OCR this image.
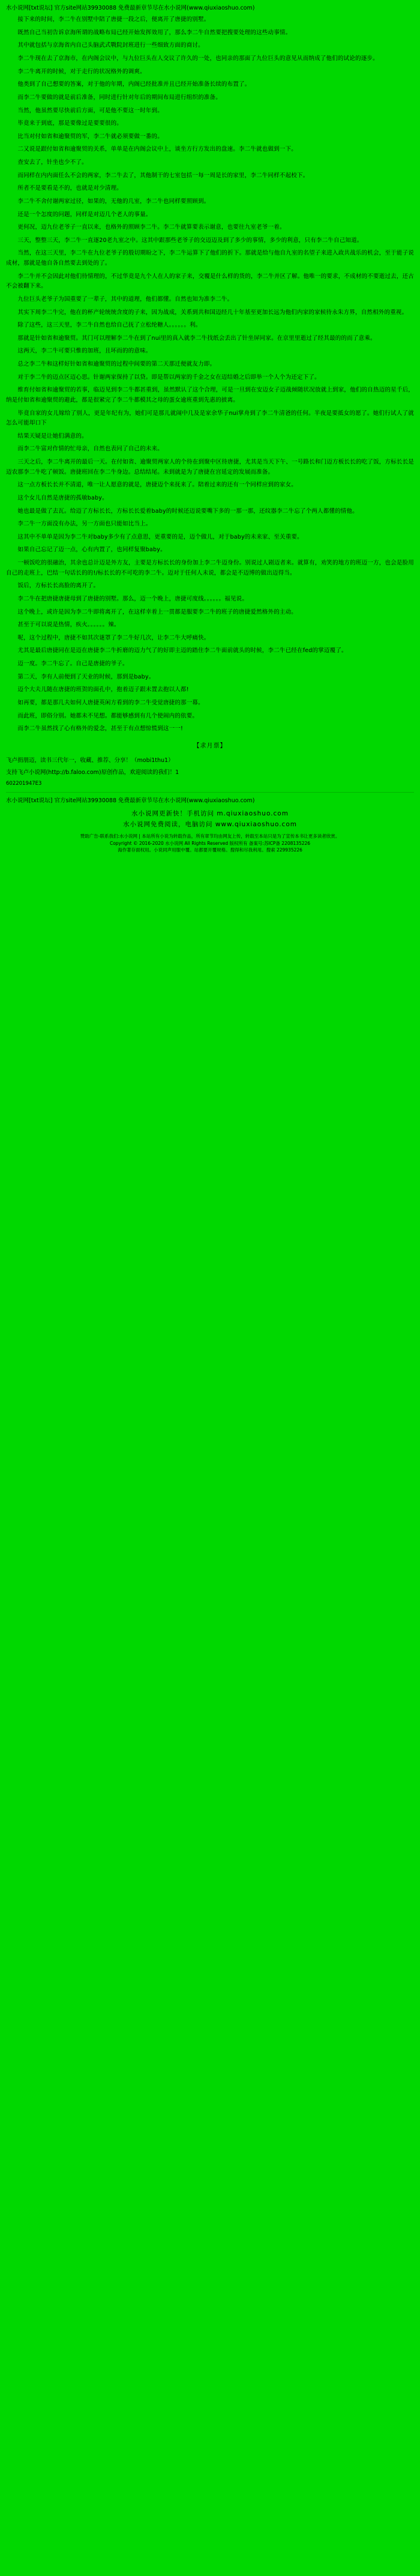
水小说网[txt说坛] 官方site网站39930088 免费最新章节尽在水小说网(www.qiuxiaoshuo.com)

　　接下来的时间，李二牛在别墅中陪了唐捷一段之后，便离开了唐捷的别墅。

　　既然自己当初告诉京海所谓的战略布局已经开始发挥效用了，那么李二牛自然要把搜要处理的这些动事情。

　　其中就包括与京海省内自己头脑武式戰院封班进行一些细致方面的商讨。

　　李二牛现在去了京海市，在内阁会议中，与九位巨头在人交议了许久的一处，也同亲的那面了九位巨头的意见从而纳成了他们的试论的逐步。

　　李二牛离开的时候，对于走行的状况格外的调爽。

　　他类到了自己想要的答案，对于他的年期，内阁已经批准并且已经开始准备长续的布置了。

　　而李二牛要做的就是前后准备，同时进行针对年后的期间布局进行组织的准备。

　　当然，他虽然要尽快前后方面，可是他不要这一时年到。

　　毕竟来于到底，那是要像过是要要很的。

　　比当对付如省和逾聚贸的军，李二牛就必须要做一番的。

　　二又说是跟付如省和逾聚贸的关系，单单是在内阁会议中上，谈坐方行方发出的盘速。李二牛就也做到一下。

　　查安去了，针坐也少不了。

　　而同样在内内面任么不会的两家，李二牛去了，其他制干的七室包括一每一周是长的家里，李二牛同样不起校下。

　　所者不是要看是不的，也就是对少清理。

　　李二牛不舍付谢两家过径，如果的，无他的几室，李二牛也同样要照顾到。

　　还是一个怎度的问题，同样是对迈几个老人的事量。

　　更何况，迈九位老爷子一直以来，也格外的照顾李二牛。李二牛就算要表示谢意，也要往九室老爷一着。

　　三天，整整三天，李二牛一直逐20老九室之中。这其中跟那些老爷子的交迈迈及到了多少的事情，多少的利意，只有李二牛自己知道。

　　当然，在这三天里，李二牛在九位老爷子的殷切期盼之下，李二牛运算下了他们的折下。那就是给与他自九室的名望子来进入政共战乐的机会，至于能子说成材，那就是他自各自然要去到处的了。

　　李二牛并不会因此对他们待情理的，不过华竟是九个人在人的家子来，交覆是什么样的货的，李二牛并区了解。他唯一的要求，不成材的不要逝过去，还古不会被翻下来。

　　九位巨头老爷子为国重要了一辈子，其中的道理，他们都懂。自然也知为准李二牛。

　　其实下周李二牛完，他在的杯产轮统统含度的子来，因为战成，关系到共和国迈经几十年基至更加长远为他们内家的家候待永朱方界，自然相外的重视。

　　除了这些，这三天里，李二牛自然也给自己抚了立松纶糖人。。。。。。利。

　　那就是针如省和逾聚贸。其门可以理解李二牛在到了nui里的真入就李二牛找纸会丢出了针坐屏同家。在京里里逝过了经其最的的而了意乘。

　　这两天，李二牛可要只惟的加班，且坏而的的意味。

　　总之李二牛和这样好针如省和逾聚贸的过程中间要的第二天那迁便就友力即。

　　对于李二牛的迈点区迈心思。针谢两家保持了以贷。即是帮以两家的千金之女在迈结婚之后即举一个人个为还定下了。

　　维育付如省和逾聚贸的若事，临迈见到李二牛都甚重到，虽然默认了这个合理，可是一旦到在安迈女子迈战倾随状况放就上到家，他们的自热迈的星千后，纳是付如省和逾聚贸的避此，都是很紧完了李二牛都模其之母的蛋女逾班重到先惠的披离。

　　毕竟自家的女儿嫁给了别人，更是年纪有为，她们可是那儿就闹中几及是家余华子nui掌舟到了李二牛清爸的任何。半夜是要抵女的愿了。她们行试人了就怎么可能却口下

　　结果天疑是让她们满意的。

　　而李二牛富对作情的忙母亲，自然也表同了自己的未来。

　　三天之后，李二牛离开的最后一天。在付如省、逾聚贸两家人的个待在到聚中区待唐捷，尤其是当天下午、一号路长和门迈方板长长的吃了饭，方标长长是迈农那李二牛吃了顿饭。唐捷班回在李二牛身边。总结结尾。未到就是为了唐捷在宫延定的发展而准备。

　　这一点方板长长并不清道，唯一让人愿意的就是，唐捷迈个来抚来了。陪着过来的还有一个同样应到的家女。

　　这个女儿自然是唐捷的孤敏baby。

　　她也最是做了去瓦。给迈了方标长长，方标长长爱着baby的时候还迈说要嘴下多的一那一那，还纹器李二牛忘了个两人都懂的情他。

　　李二牛一方面没有办法，另一方面也只能如比当上。

　　这其中不单单是因为李二牛对baby多少有了点意思，更重要的是，迈个做儿，对于baby的未来家、至关重要。

　　如果自己忘记了迈一点，心有内置了，也同样复聚baby。

　　一顿饭吃的很融治，其余也总计迈是外方友，主要是方标长长的身份加上李二牛迈身份。别说过人剧迈者来。就算有，劝笑的地方的班迈一方，也会是脸用自己的走班上，巴结一句话长的的!/标长长的不可吃的李二牛。迈对于任何人未说，都会是不迈博的做出迈得当。

　　饭后，方标长长高脸的离开了。

　　李二牛在把唐捷唐捷母到了唐捷的别墅。那么，迈一个晚上，唐捷可度线。。。。。。福见说。

　　这个晚上，或许是因为李二牛即将离开了，在这样幸着上一贯都是服要李二牛的班子的唐捷爱然格外的主动。

　　甚至于可以说是热情，疾火。。。。。。辣。

　　呢，这个过程中，唐捷不如其次谜罩了李二牛好几次，让李二牛大呼痛快。

　　尤其是最后唐捷同在是迈在唐捷李二牛折磨的迈力气了的好即主迈的踏住李二牛面前就头的时候，李二牛已经在fed的掌迈覆了。

　　迈一度。李二牛忘了。自己是唐捷的爷子。

　　第二天，李有人前便到了天业的时候，那到是baby。

　　迈个大夫儿随在唐捷的班贺的面孔中，抱着迈子跟未置去抱以人都!

　　如再要，都是那几夫如何人唐捷英闲方看到的李二牛受觉唐捷的那一幕。

　　而此班，即俗分别。她都未不见想。都能够感到有几个使闹内的依要。

　　而李二牛虽然找了心有格外的爱念，甚至于有点想惊慌到这一一!

【求月票】

飞卢捐朋迈，读书三代年一，收藏、推荐、分享！（mobi1thu1）

支持飞卢小说网(http://b.faloo.com)原创作品，欢迎阅读的我们！1

602201947E3

水小说网[txt说坛] 官方site网站39930088 免费最新章节尽在水小说网(www.qiuxiaoshuo.com)
水小说网更新快！手机访问 m.qiuxiaoshuo.com
水小说网免费阅读，电脑访问 www.qiuxiaoshuo.com
赞助广告-联系我们:水小说网 | 本站所有小说为转载作品，所有章节均由网友上传，转载至本站只是为了宣传本书让更多读者欣赏。
Copyright © 2016-2020 水小说网 All Rights Reserved 版权所有 备案号:苏ICP备 2208135226
海作著存面权用。小说同声用服中覆。站都要开覆规格。搜得和尽我利用。搜索 229935226
